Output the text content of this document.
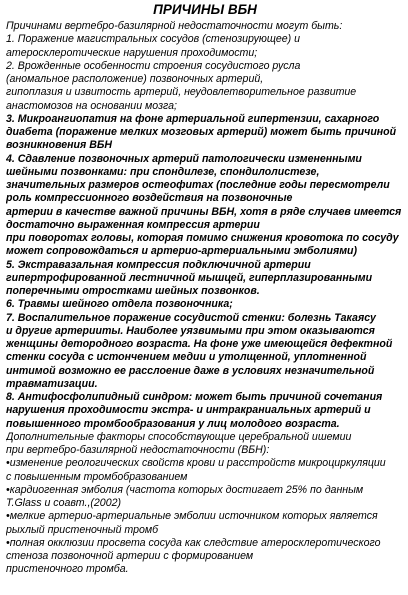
ПРИЧИНЫ ВБН
Причинами вертебро-базилярной недостаточности могут быть:
1. Поражение магистральных сосудов (стенозирующее) и
атеросклеротические нарушения проходимости;
2. Врожденные особенности строения сосудистого русла
(аномальное расположение) позвоночных артерий,
гипоплазия и извитость артерий, неудовлетворительное развитие
анастомозов на основании мозга;
3. Микроангиопатия на фоне артериальной гипертензии, сахарного
диабета (поражение мелких мозговых артерий) может быть причиной
возникновения ВБН
4. Сдавление позвоночных артерий патологически измененными
шейными позвонками: при спондилезе, спондилолистезе,
значительных размеров остеофитах (последние годы пересмотрели
роль компрессионного воздействия на позвоночные
артерии в качестве важной причины ВБН, хотя в ряде случаев имеется
достаточно выраженная компрессия артерии
при поворотах головы, которая помимо снижения кровотока по сосуду
может сопровождаться и артерио-артериальными эмболиями)
5. Экстравазальная компрессия подключичной артерии
гипертрофированной лестничной мышцей, гиперплазированными
поперечными отростками шейных позвонков.
6. Травмы шейного отдела позвоночника;
7. Воспалительное поражение сосудистой стенки: болезнь Такаясу
и другие артерииты. Наиболее уязвимыми при этом оказываются
женщины детородного возраста. На фоне уже имеющейся дефектной
стенки сосуда с истончением медии и утолщенной, уплотненной
интимой возможно ее расслоение даже в условиях незначительной
травматизации.
8. Антифосфолипидный синдром: может быть причиной сочетания
нарушения проходимости экстра- и интракраниальных артерий и
повышенного тромбообразования у лиц молодого возраста.
Дополнительные факторы способствующие церебральной ишемии
при вертебро-базилярной недостаточности (ВБН):
•изменение реологических свойств крови и расстройств микроциркуляции
с повышенным тромбобразованием
•кардиогенная эмболия (частота которых достигает 25% по данным
T.Glass и соавт.,(2002)
•мелкие артерио-артериальные эмболии источником которых является
рыхлый пристеночный тромб
•полная окклюзии просвета сосуда как следствие атеросклеротического
стеноза позвоночной артерии с формированием
пристеночного тромба.
